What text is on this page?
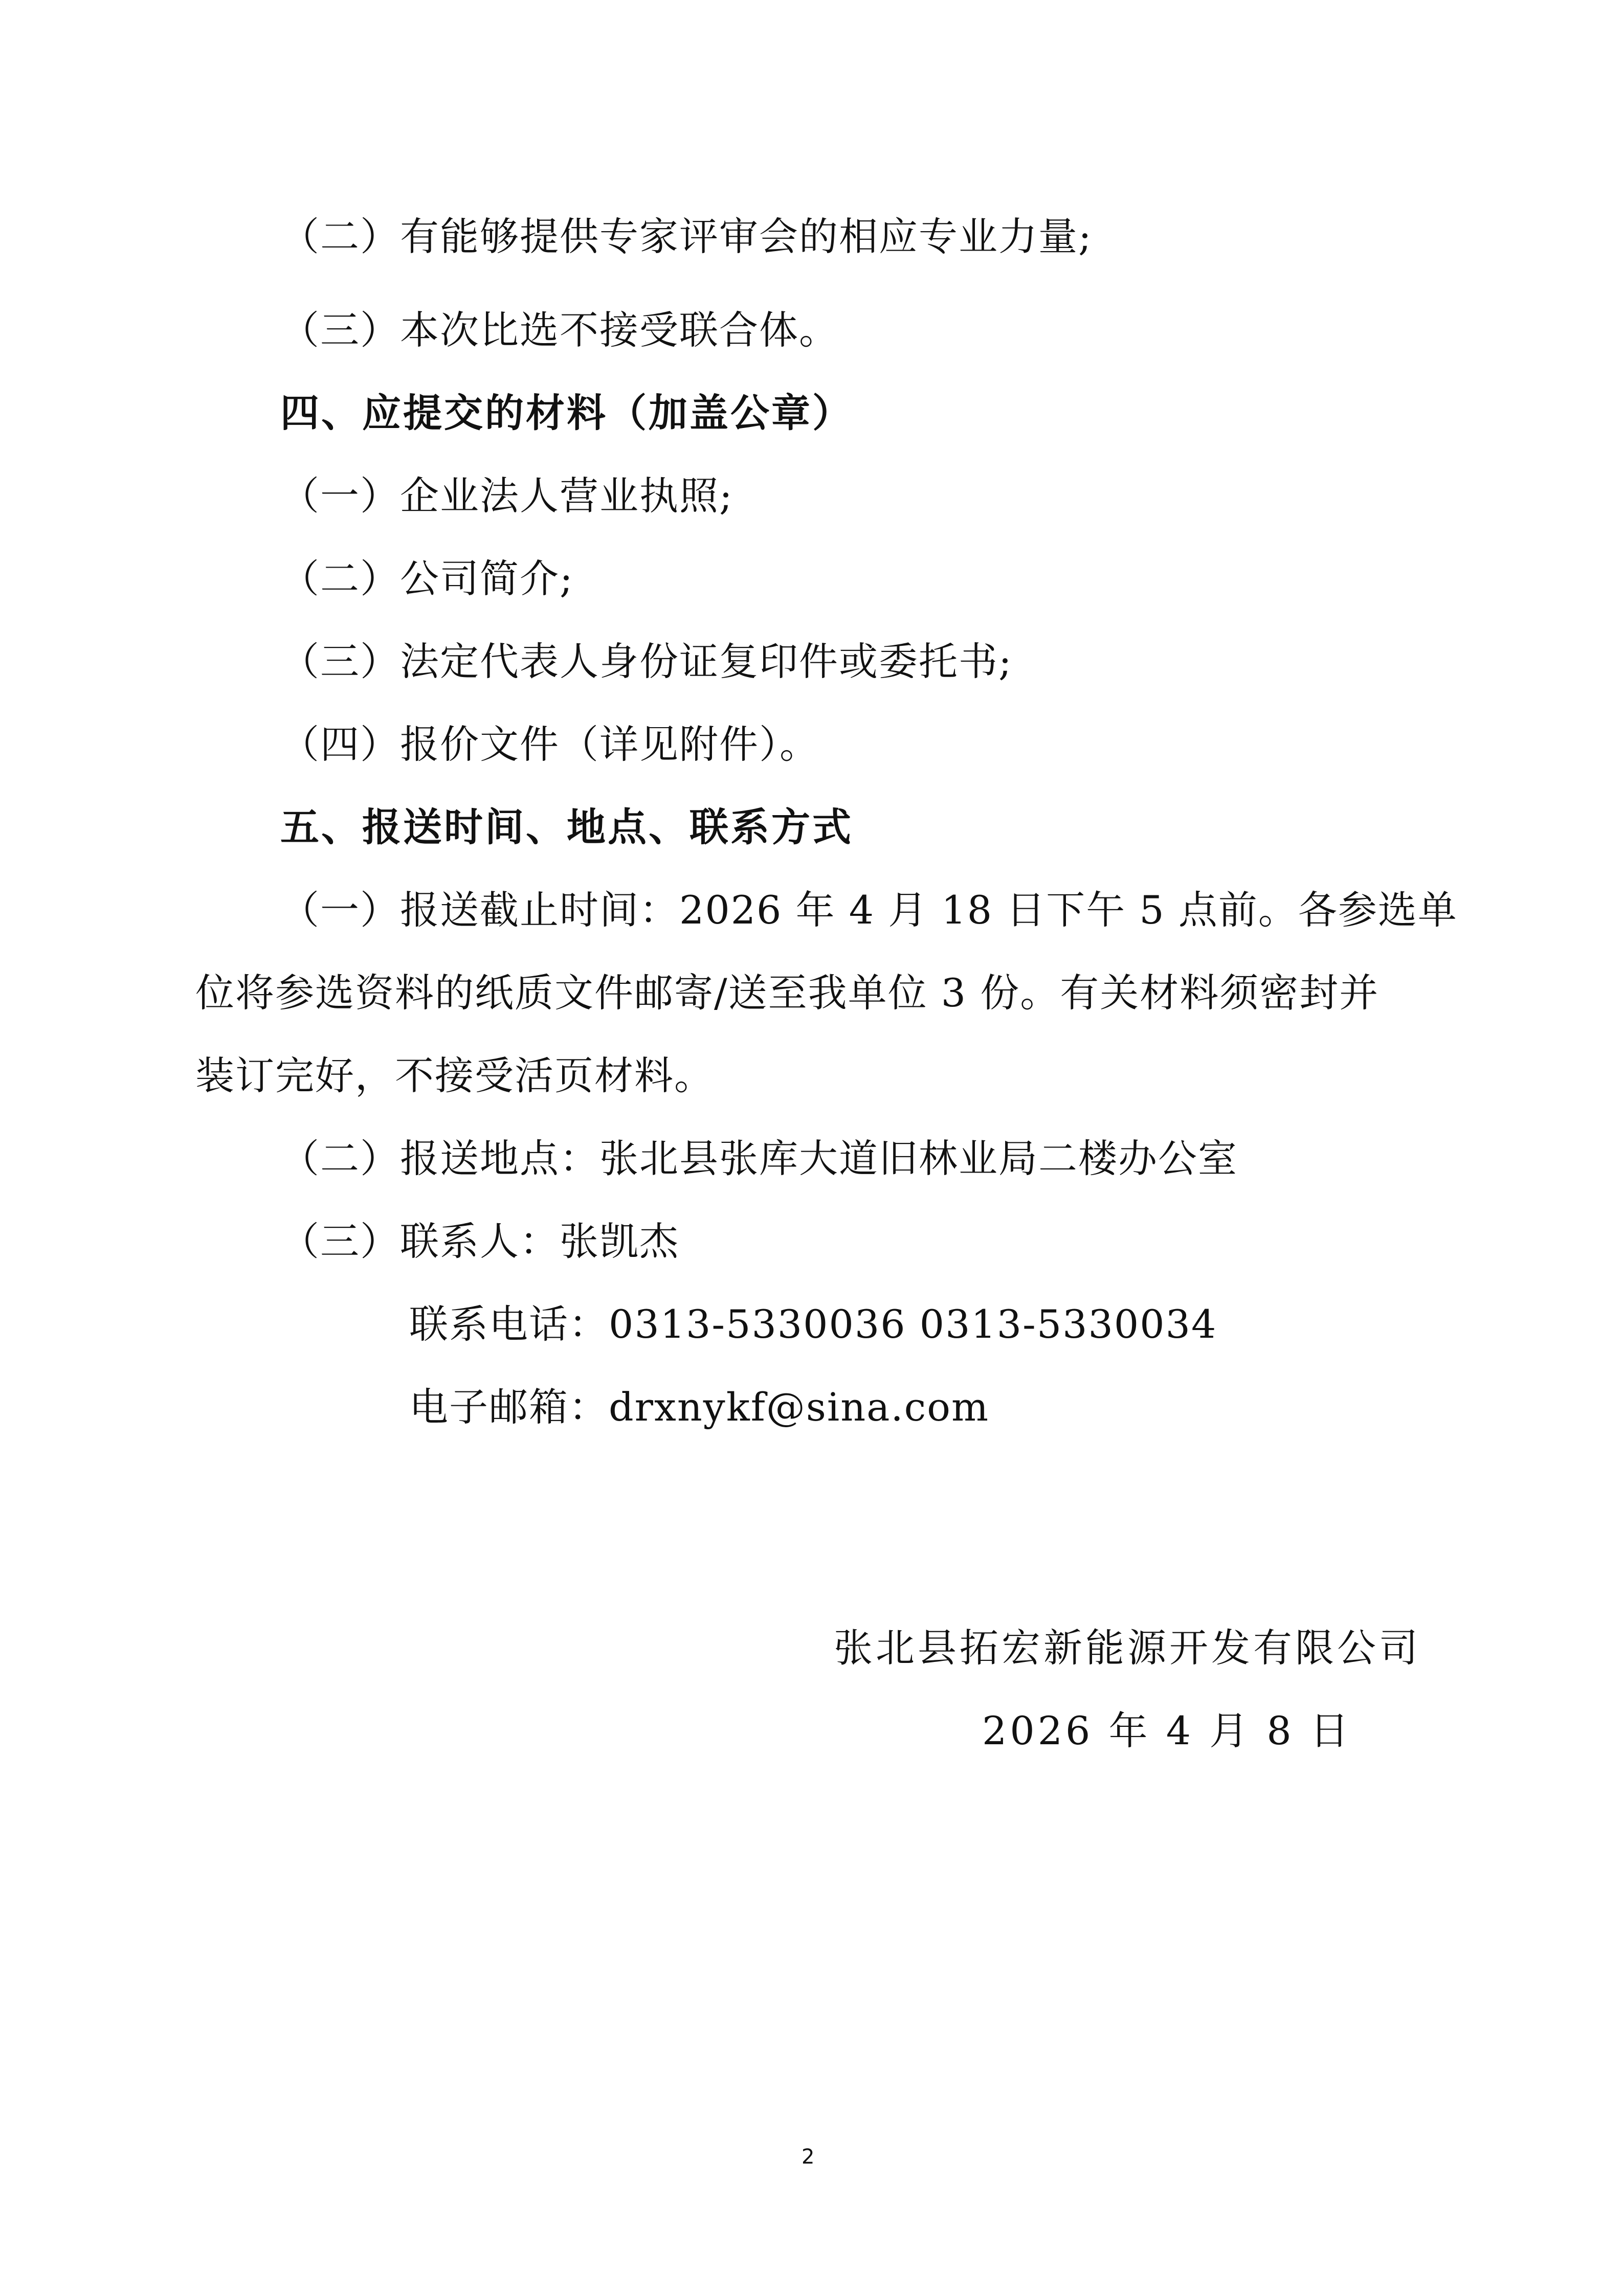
（二）有能够提供专家评审会的相应专业力量;
（三）本次比选不接受联合体。
四、应提交的材料（加盖公章）
（一）企业法人营业执照;
（二）公司简介;
（三）法定代表人身份证复印件或委托书;
（四）报价文件（详见附件）。
五、报送时间、地点、联系方式
（一）报送截止时间：2026 年 4 月 18 日下午 5 点前。各参选单
位将参选资料的纸质文件邮寄/送至我单位 3 份。有关材料须密封并
装订完好，不接受活页材料。
（二）报送地点：张北县张库大道旧林业局二楼办公室
（三）联系人：张凯杰
联系电话：0313-5330036 0313-5330034
电子邮箱：drxnykf@sina.com
张北县拓宏新能源开发有限公司
2026 年 4 月 8 日
2
